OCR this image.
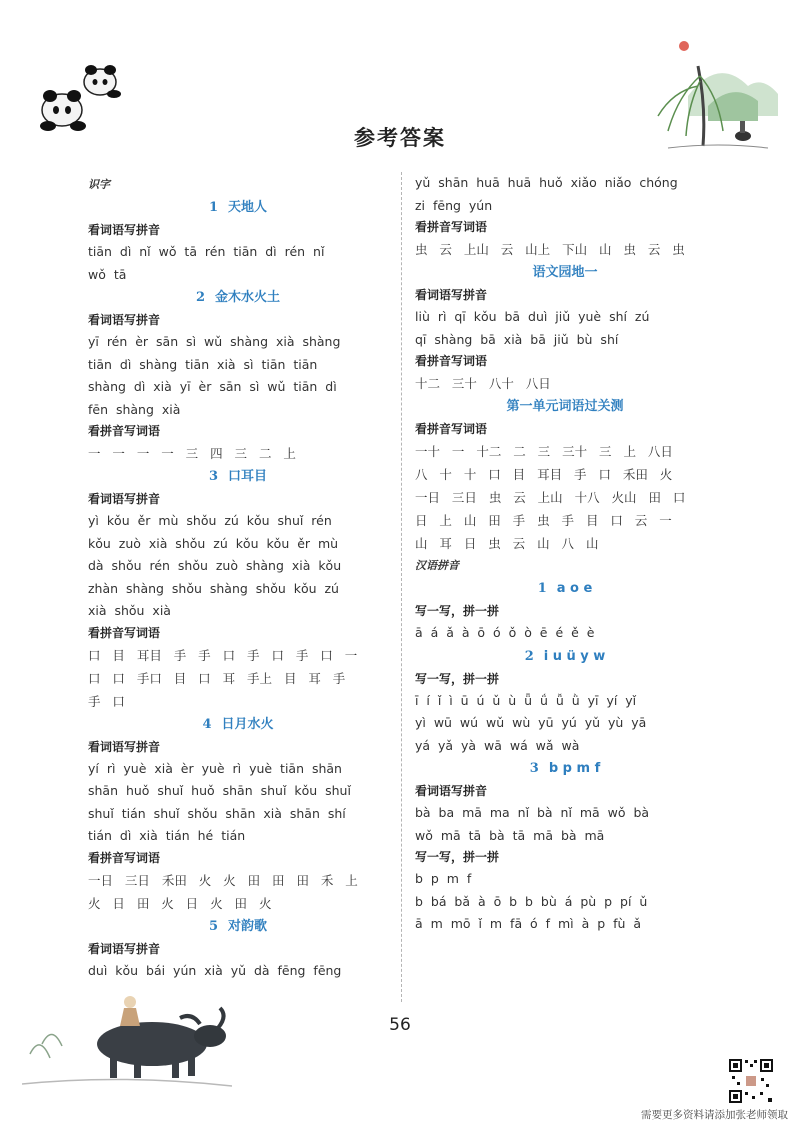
参考答案
识字
1 天地人
看词语写拼音
tiān  dì  nǐ  wǒ  tā  rén  tiān  dì  rén  nǐ
wǒ  tā
2 金木水火土
看词语写拼音
yī  rén  èr  sān  sì  wǔ  shàng  xià  shàng
tiān  dì  shàng  tiān  xià  sì  tiān  tiān
shàng  dì  xià  yī  èr  sān  sì  wǔ  tiān  dì
fēn  shàng  xià
看拼音写词语
一   一   一   一   三   四   三   二   上
3 口耳目
看词语写拼音
yì  kǒu  ěr  mù  shǒu  zú  kǒu  shuǐ  rén
kǒu  zuò  xià  shǒu  zú  kǒu  kǒu  ěr  mù
dà  shǒu  rén  shǒu  zuò  shàng  xià  kǒu
zhàn  shàng  shǒu  shàng  shǒu  kǒu  zú
xià  shǒu  xià
看拼音写词语
口   目   耳目   手   手   口   手   口   手   口   一
口   口   手口   目   口   耳   手上   目   耳   手
手   口
4 日月水火
看词语写拼音
yí  rì  yuè  xià  èr  yuè  rì  yuè  tiān  shān
shān  huǒ  shuǐ  huǒ  shān  shuǐ  kǒu  shuǐ
shuǐ  tián  shuǐ  shǒu  shān  xià  shān  shí
tián  dì  xià  tián  hé  tián
看拼音写词语
一日   三日   禾田   火   火   田   田   田   禾   上
火   日   田   火   日   火   田   火
5 对韵歌
看词语写拼音
duì  kǒu  bái  yún  xià  yǔ  dà  fēng  fēng
yǔ  shān  huā  huā  huǒ  xiǎo  niǎo  chóng
zi  fēng  yún
看拼音写词语
虫   云   上山   云   山上   下山   山   虫   云   虫
语文园地一
看词语写拼音
liù  rì  qī  kǒu  bā  duì  jiǔ  yuè  shí  zú
qī  shàng  bā  xià  bā  jiǔ  bù  shí
看拼音写词语
十二   三十   八十   八日
第一单元词语过关测
看拼音写词语
一十   一   十二   二   三   三十   三   上   八日
八   十   十   口   目   耳目   手   口   禾田   火
一日   三日   虫   云   上山   十八   火山   田   口
日   上   山   田   手   虫   手   目   口   云   一
山   耳   日   虫   云   山   八   山
汉语拼音
1 a o e
写一写，拼一拼
ā  á  ǎ  à  ō  ó  ǒ  ò  ē  é  ě  è
2 i u ü y w
写一写，拼一拼
ī  í  ǐ  ì  ū  ú  ǔ  ù  ǖ  ǘ  ǚ  ǜ  yī  yí  yǐ
yì  wū  wú  wǔ  wù  yū  yú  yǔ  yù  yā
yá  yǎ  yà  wā  wá  wǎ  wà
3 b p m f
看词语写拼音
bà  ba  mā  ma  nǐ  bà  nǐ  mā  wǒ  bà
wǒ  mā  tā  bà  tā  mā  bà  mā
写一写，拼一拼
b  p  m  f
b  bá  bǎ  à  ō  b  b  bù  á  pù  p  pí  ǔ
ā  m  mō  ǐ  m  fā  ó  f  mì  à  p  fù  ǎ
56
需要更多资料请添加张老师领取
